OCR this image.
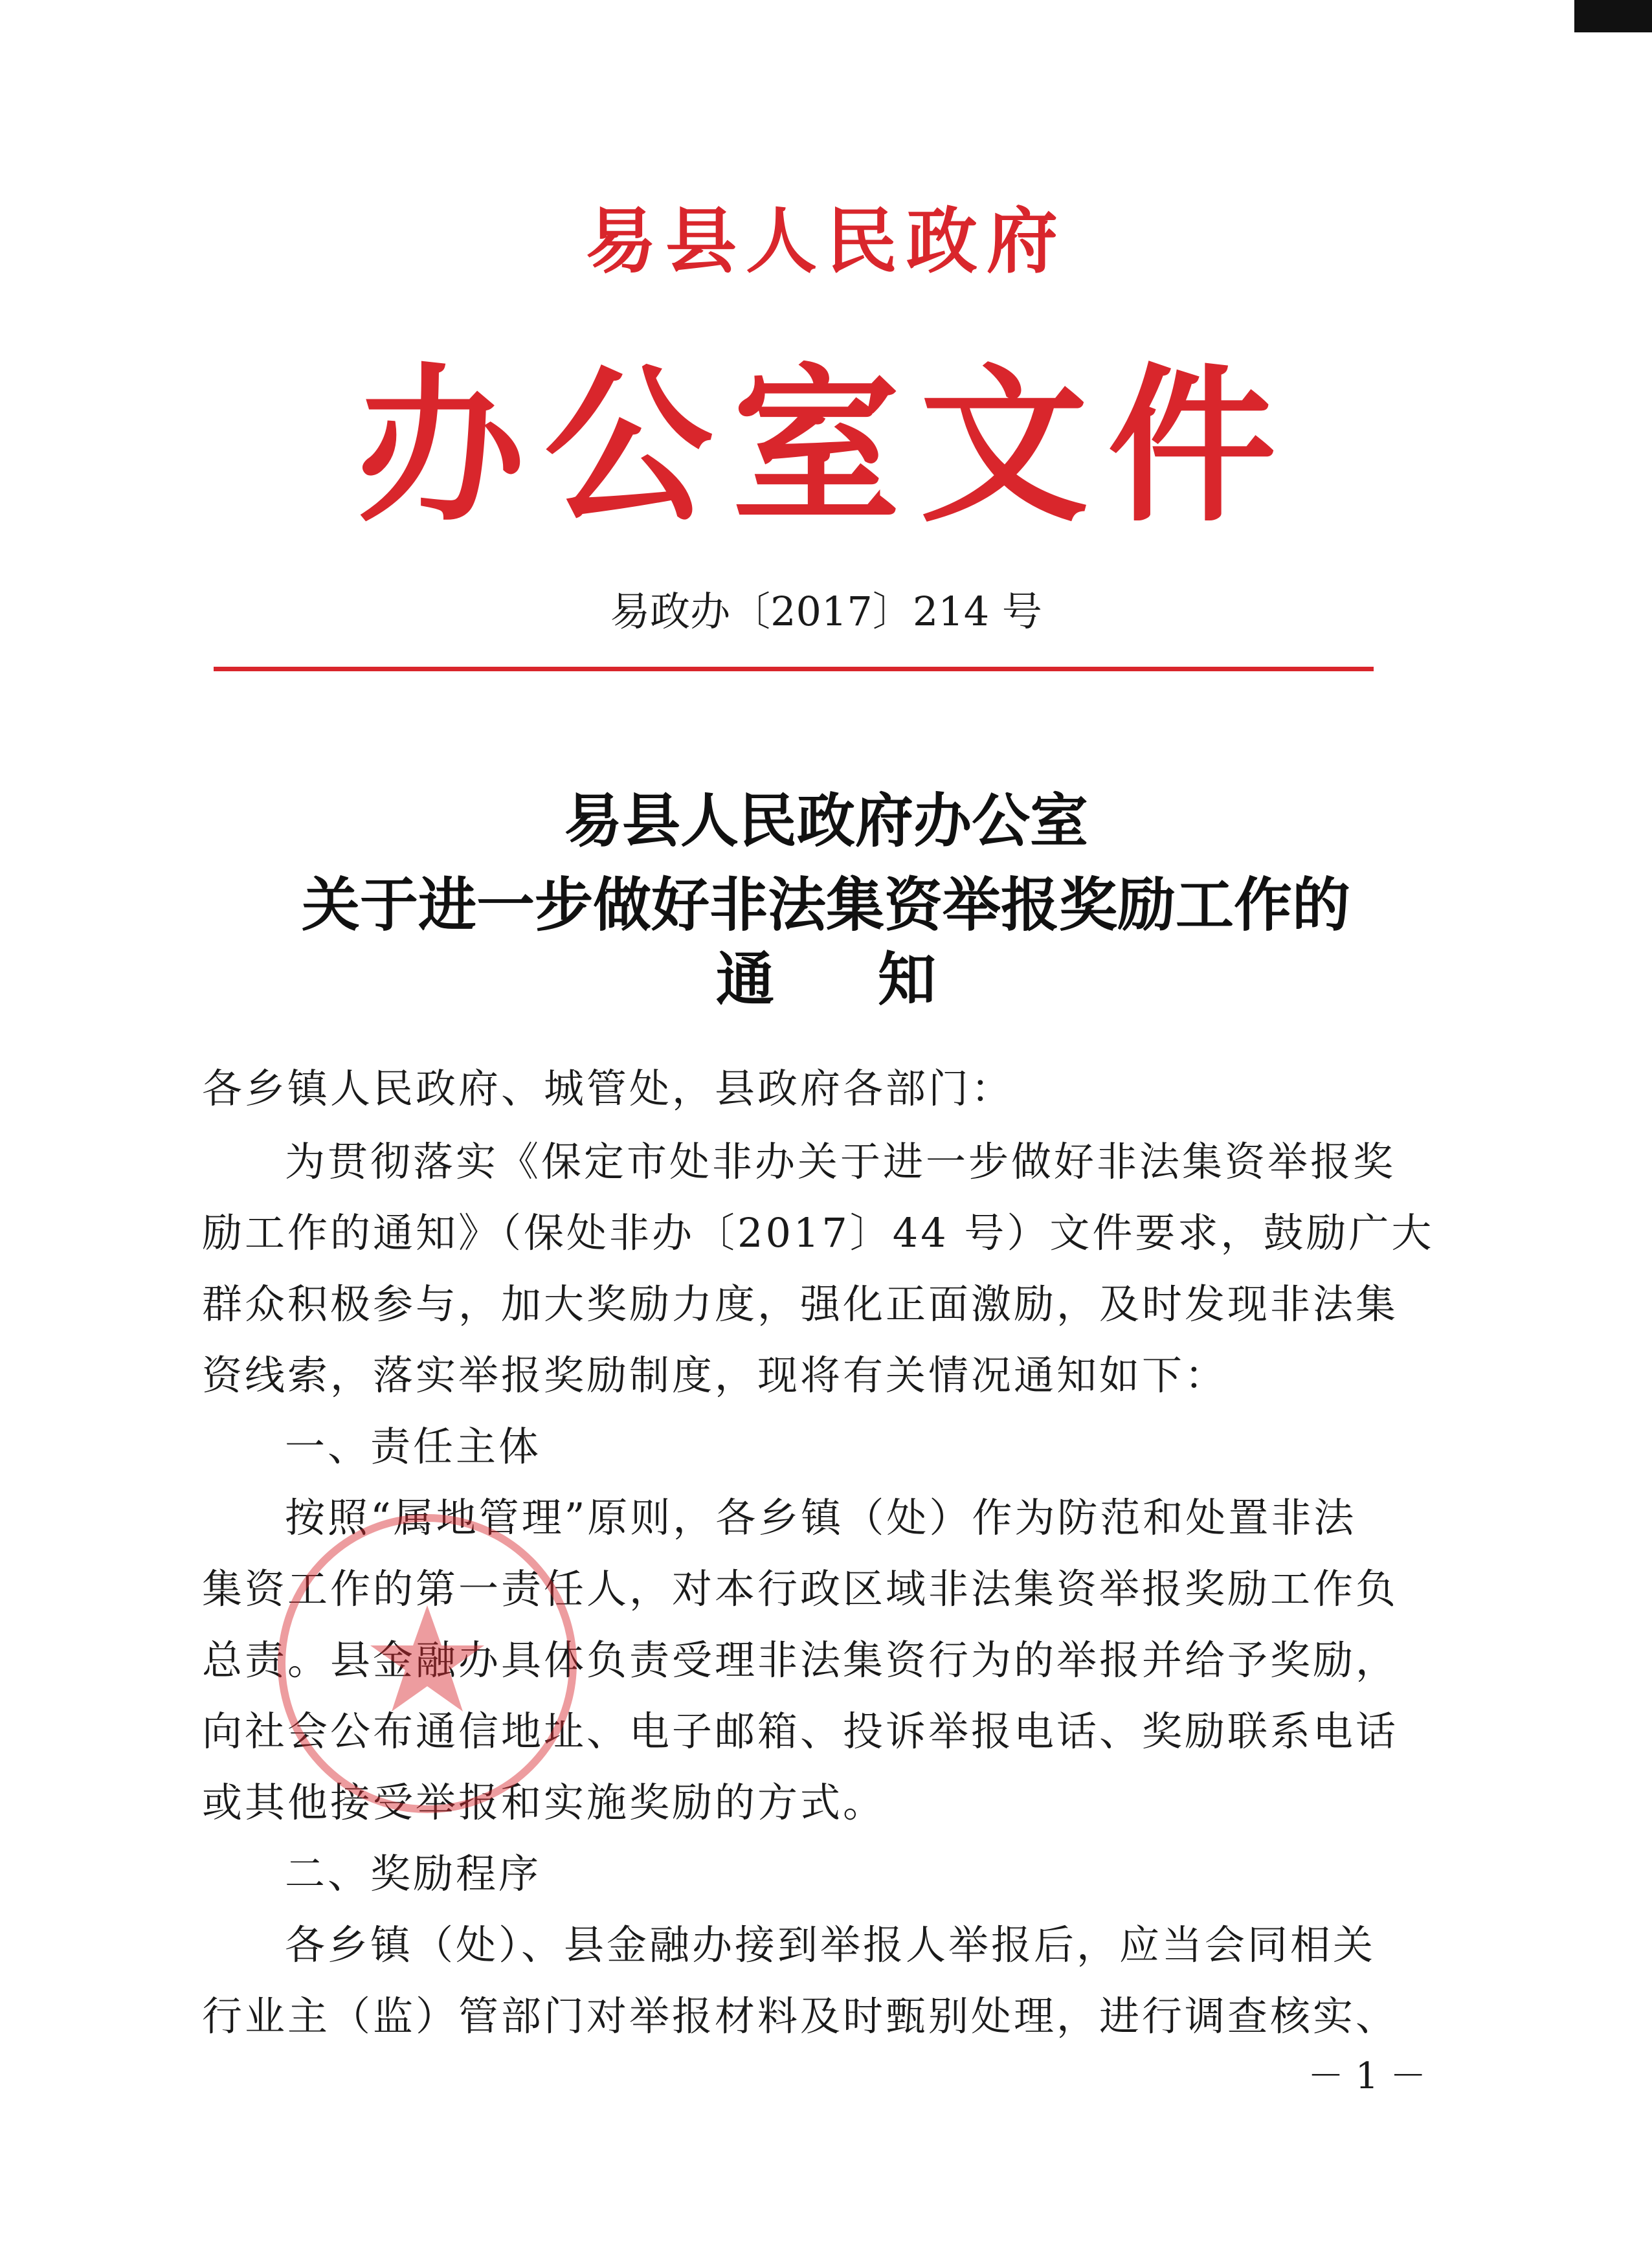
易县人民政府
办公室文件
易政办〔2017〕214 号
易县人民政府办公室
关于进一步做好非法集资举报奖励工作的
通知
各乡镇人民政府、城管处，县政府各部门：
为贯彻落实《保定市处非办关于进一步做好非法集资举报奖
励工作的通知》（保处非办〔2017〕44 号）文件要求，鼓励广大
群众积极参与，加大奖励力度，强化正面激励，及时发现非法集
资线索，落实举报奖励制度，现将有关情况通知如下：
一、责任主体
按照“属地管理”原则，各乡镇（处）作为防范和处置非法
集资工作的第一责任人，对本行政区域非法集资举报奖励工作负
总责。县金融办具体负责受理非法集资行为的举报并给予奖励，
向社会公布通信地址、电子邮箱、投诉举报电话、奖励联系电话
或其他接受举报和实施奖励的方式。
二、奖励程序
各乡镇（处）、县金融办接到举报人举报后，应当会同相关
行业主（监）管部门对举报材料及时甄别处理，进行调查核实、
－ 1 －
